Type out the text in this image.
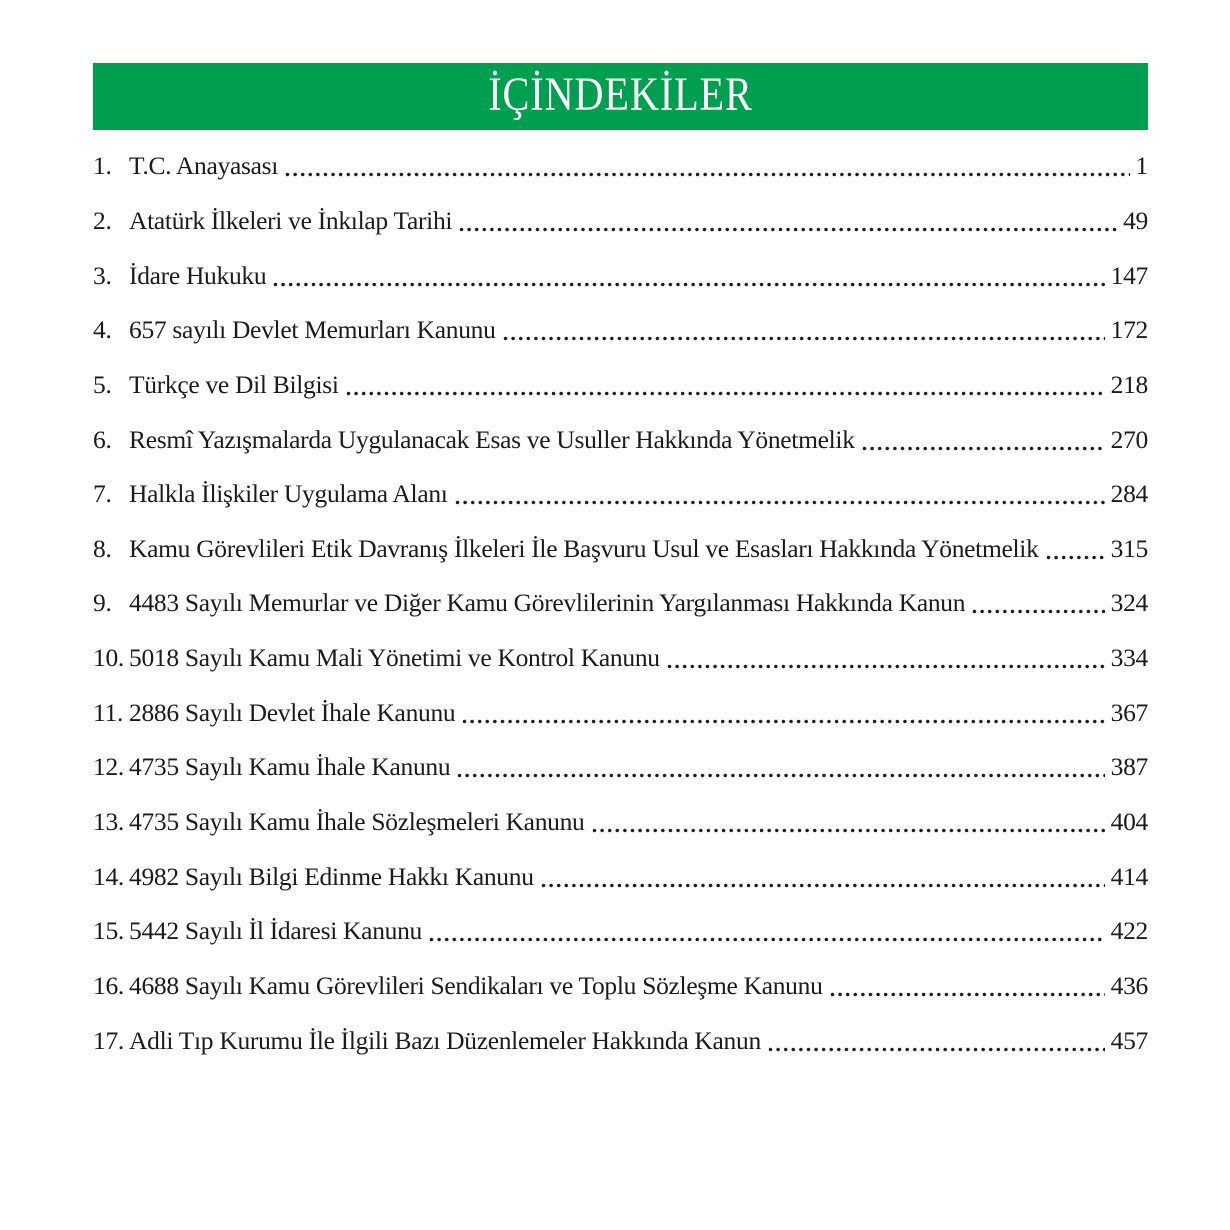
İÇİNDEKİLER
1. T.C. Anayasası	1
2. Atatürk İlkeleri ve İnkılap Tarihi	49
3. İdare Hukuku	147
4. 657 sayılı Devlet Memurları Kanunu	172
5. Türkçe ve Dil Bilgisi	218
6. Resmî Yazışmalarda Uygulanacak Esas ve Usuller Hakkında Yönetmelik	270
7. Halkla İlişkiler Uygulama Alanı	284
8. Kamu Görevlileri Etik Davranış İlkeleri İle Başvuru Usul ve Esasları Hakkında Yönetmelik	315
9. 4483 Sayılı Memurlar ve Diğer Kamu Görevlilerinin Yargılanması Hakkında Kanun	324
10. 5018 Sayılı Kamu Mali Yönetimi ve Kontrol Kanunu	334
11. 2886 Sayılı Devlet İhale Kanunu	367
12. 4735 Sayılı Kamu İhale Kanunu	387
13. 4735 Sayılı Kamu İhale Sözleşmeleri Kanunu	404
14. 4982 Sayılı Bilgi Edinme Hakkı Kanunu	414
15. 5442 Sayılı İl İdaresi Kanunu	422
16. 4688 Sayılı Kamu Görevlileri Sendikaları ve Toplu Sözleşme Kanunu	436
17. Adli Tıp Kurumu İle İlgili Bazı Düzenlemeler Hakkında Kanun	457
